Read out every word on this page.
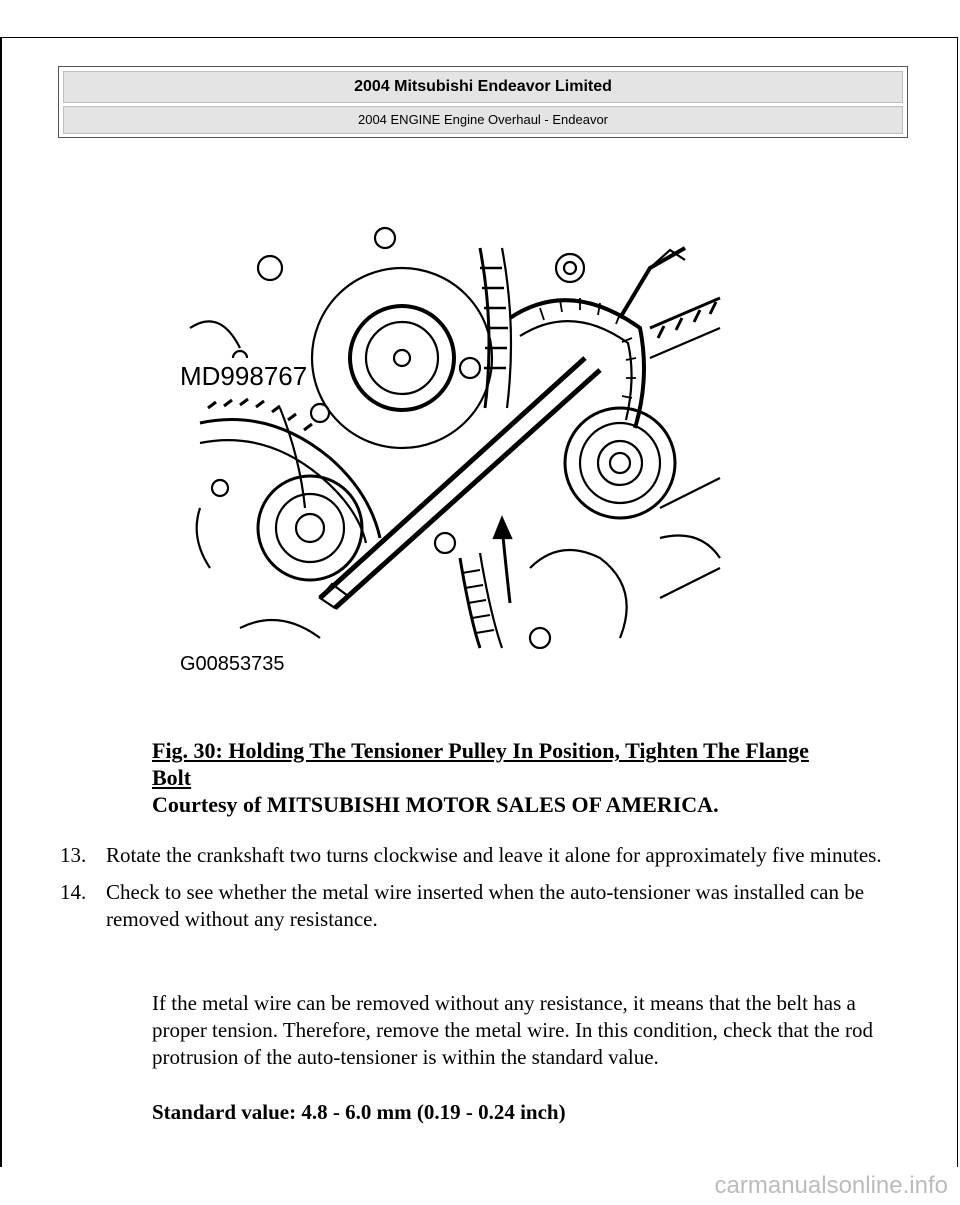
2004 Mitsubishi Endeavor Limited
2004 ENGINE Engine Overhaul - Endeavor
MD998767
G00853735
Fig. 30: Holding The Tensioner Pulley In Position, Tighten The Flange Bolt
Courtesy of MITSUBISHI MOTOR SALES OF AMERICA.
13. Rotate the crankshaft two turns clockwise and leave it alone for approximately five minutes.
14. Check to see whether the metal wire inserted when the auto-tensioner was installed can be removed without any resistance.
If the metal wire can be removed without any resistance, it means that the belt has a proper tension. Therefore, remove the metal wire. In this condition, check that the rod protrusion of the auto-tensioner is within the standard value.
Standard value: 4.8 - 6.0 mm (0.19 - 0.24 inch)
carmanualsonline.info
